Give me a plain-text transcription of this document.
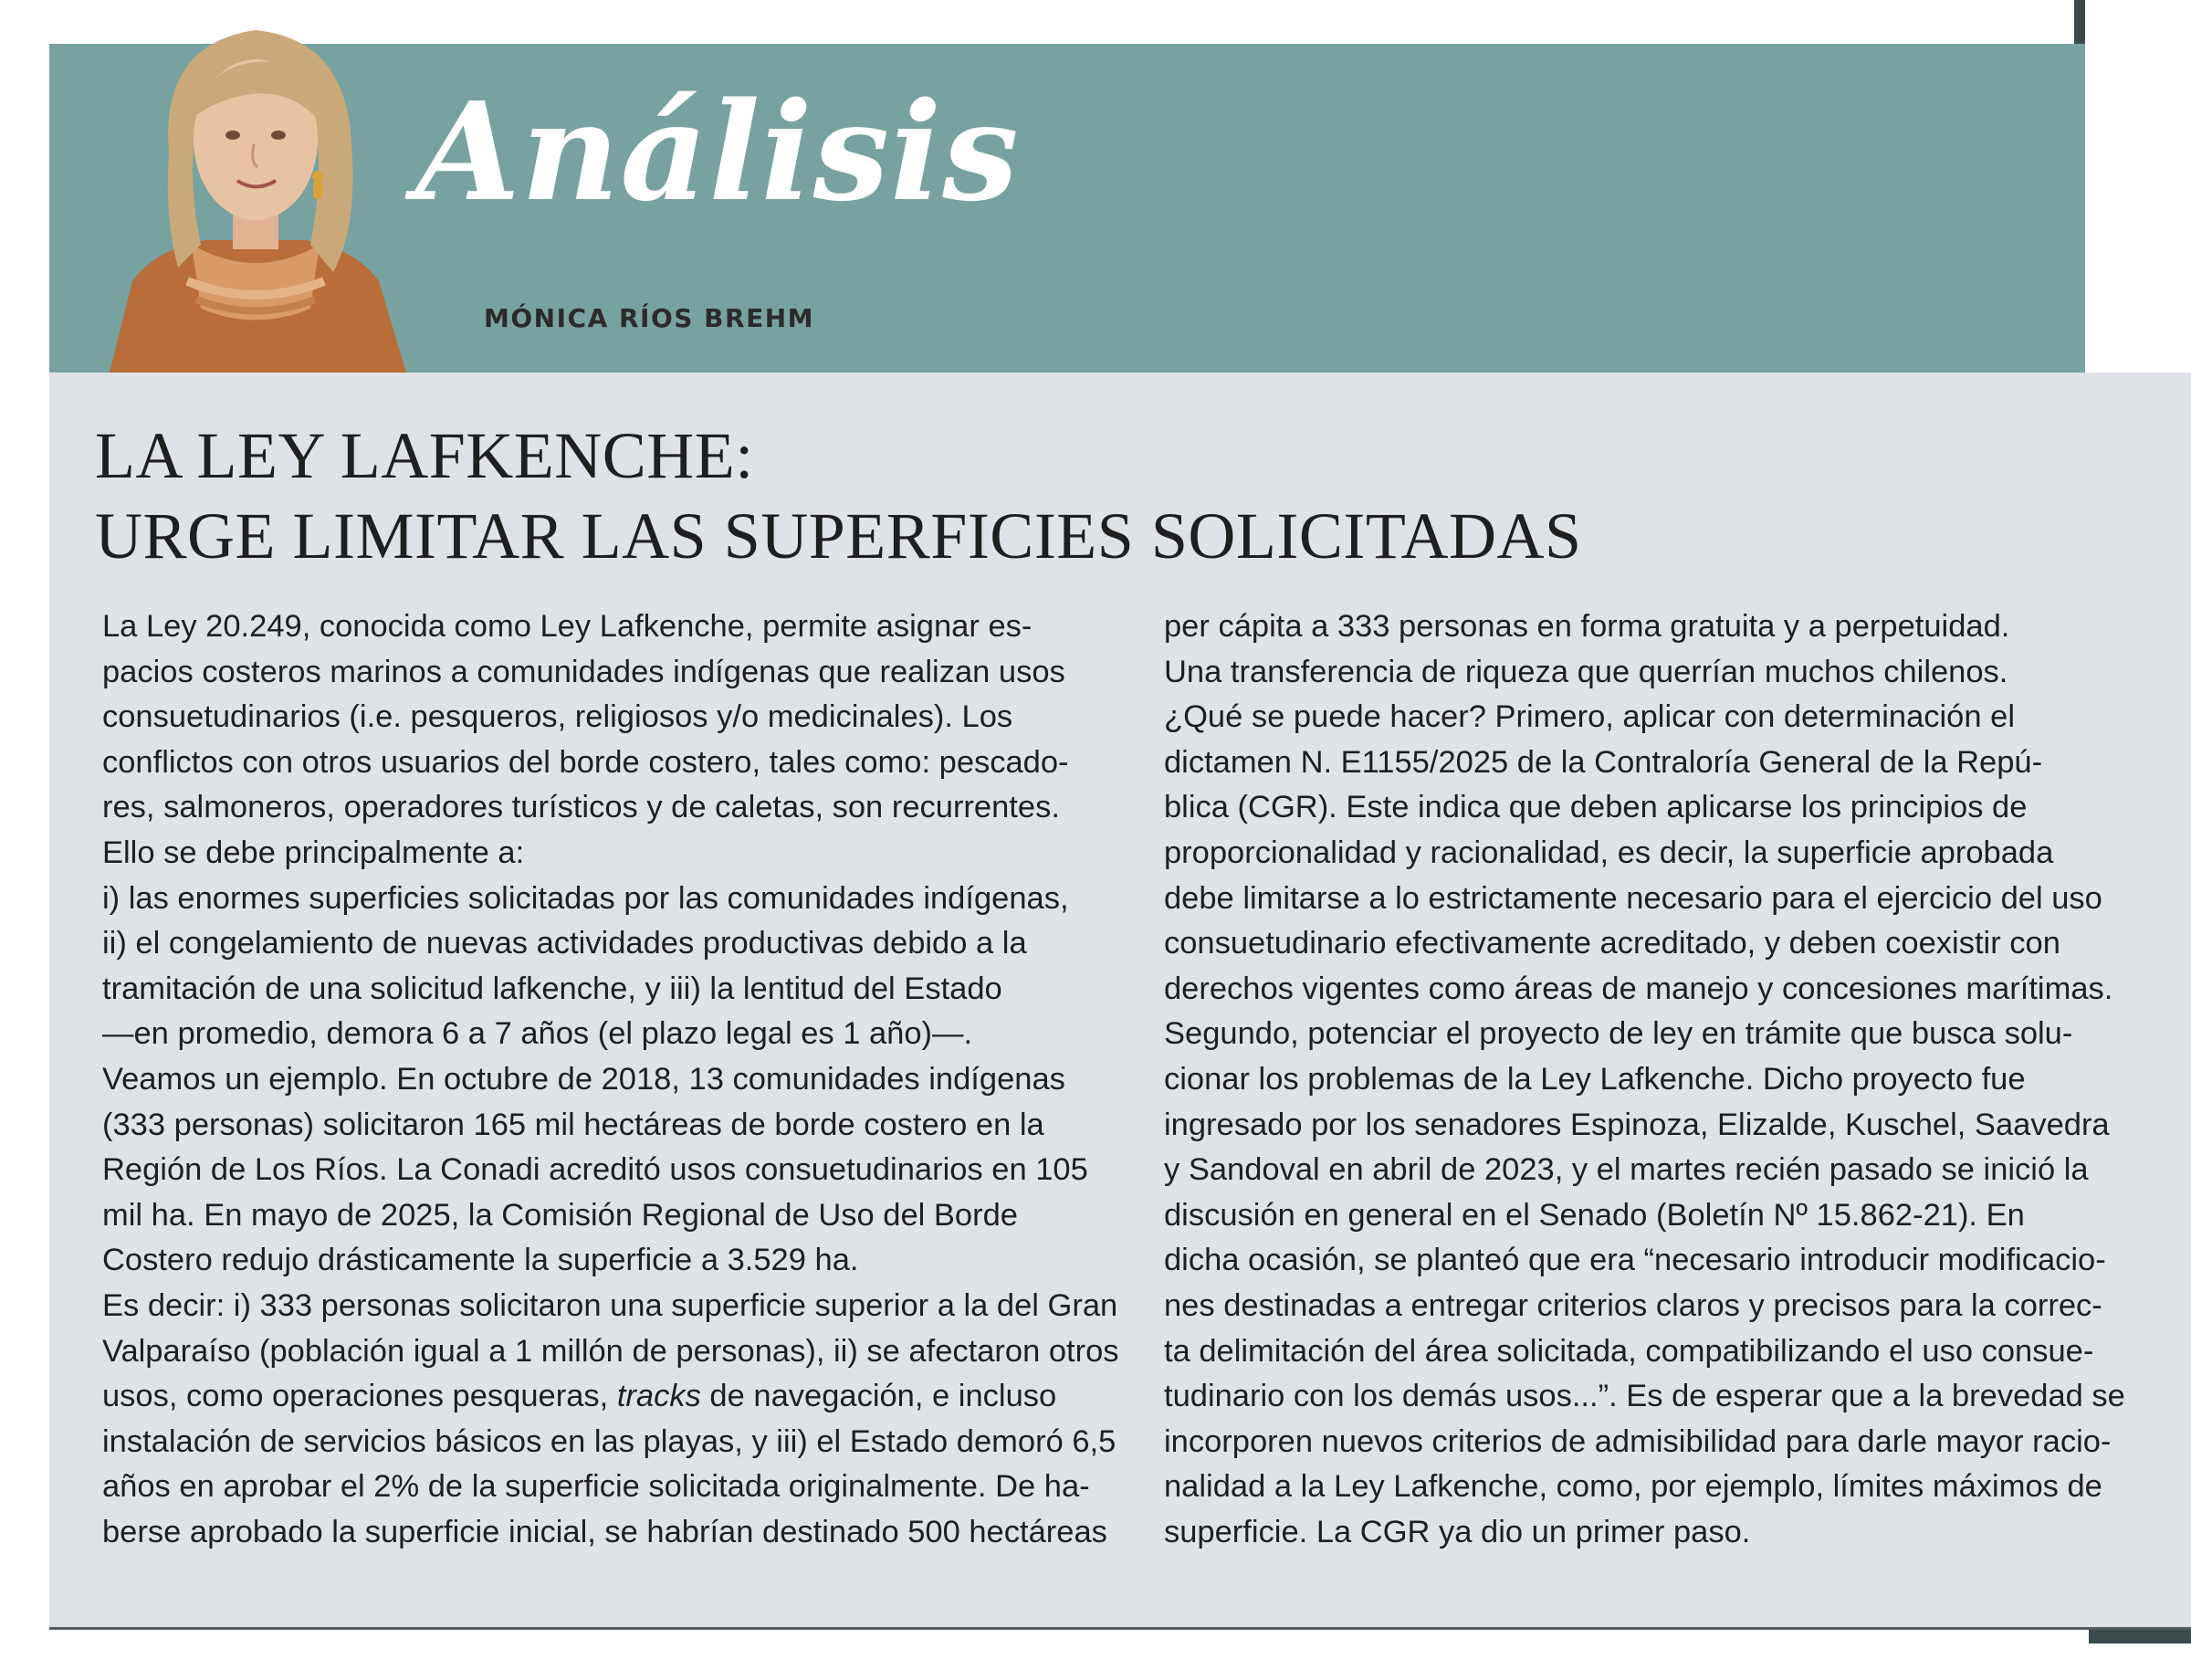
Análisis
MÓNICA RÍOS BREHM
LA LEY LAFKENCHE:
URGE LIMITAR LAS SUPERFICIES SOLICITADAS
La Ley 20.249, conocida como Ley Lafkenche, permite asignar es-
pacios costeros marinos a comunidades indígenas que realizan usos
consuetudinarios (i.e. pesqueros, religiosos y/o medicinales). Los
conflictos con otros usuarios del borde costero, tales como: pescado-
res, salmoneros, operadores turísticos y de caletas, son recurrentes.
Ello se debe principalmente a:
i) las enormes superficies solicitadas por las comunidades indígenas,
ii) el congelamiento de nuevas actividades productivas debido a la
tramitación de una solicitud lafkenche, y iii) la lentitud del Estado
—en promedio, demora 6 a 7 años (el plazo legal es 1 año)—.
Veamos un ejemplo. En octubre de 2018, 13 comunidades indígenas
(333 personas) solicitaron 165 mil hectáreas de borde costero en la
Región de Los Ríos. La Conadi acreditó usos consuetudinarios en 105
mil ha. En mayo de 2025, la Comisión Regional de Uso del Borde
Costero redujo drásticamente la superficie a 3.529 ha.
Es decir: i) 333 personas solicitaron una superficie superior a la del Gran
Valparaíso (población igual a 1 millón de personas), ii) se afectaron otros
usos, como operaciones pesqueras, tracks de navegación, e incluso
instalación de servicios básicos en las playas, y iii) el Estado demoró 6,5
años en aprobar el 2% de la superficie solicitada originalmente. De ha-
berse aprobado la superficie inicial, se habrían destinado 500 hectáreas
per cápita a 333 personas en forma gratuita y a perpetuidad.
Una transferencia de riqueza que querrían muchos chilenos.
¿Qué se puede hacer? Primero, aplicar con determinación el
dictamen N. E1155/2025 de la Contraloría General de la Repú-
blica (CGR). Este indica que deben aplicarse los principios de
proporcionalidad y racionalidad, es decir, la superficie aprobada
debe limitarse a lo estrictamente necesario para el ejercicio del uso
consuetudinario efectivamente acreditado, y deben coexistir con
derechos vigentes como áreas de manejo y concesiones marítimas.
Segundo, potenciar el proyecto de ley en trámite que busca solu-
cionar los problemas de la Ley Lafkenche. Dicho proyecto fue
ingresado por los senadores Espinoza, Elizalde, Kuschel, Saavedra
y Sandoval en abril de 2023, y el martes recién pasado se inició la
discusión en general en el Senado (Boletín Nº 15.862-21). En
dicha ocasión, se planteó que era “necesario introducir modificacio-
nes destinadas a entregar criterios claros y precisos para la correc-
ta delimitación del área solicitada, compatibilizando el uso consue-
tudinario con los demás usos...”. Es de esperar que a la brevedad se
incorporen nuevos criterios de admisibilidad para darle mayor racio-
nalidad a la Ley Lafkenche, como, por ejemplo, límites máximos de
superficie. La CGR ya dio un primer paso.
